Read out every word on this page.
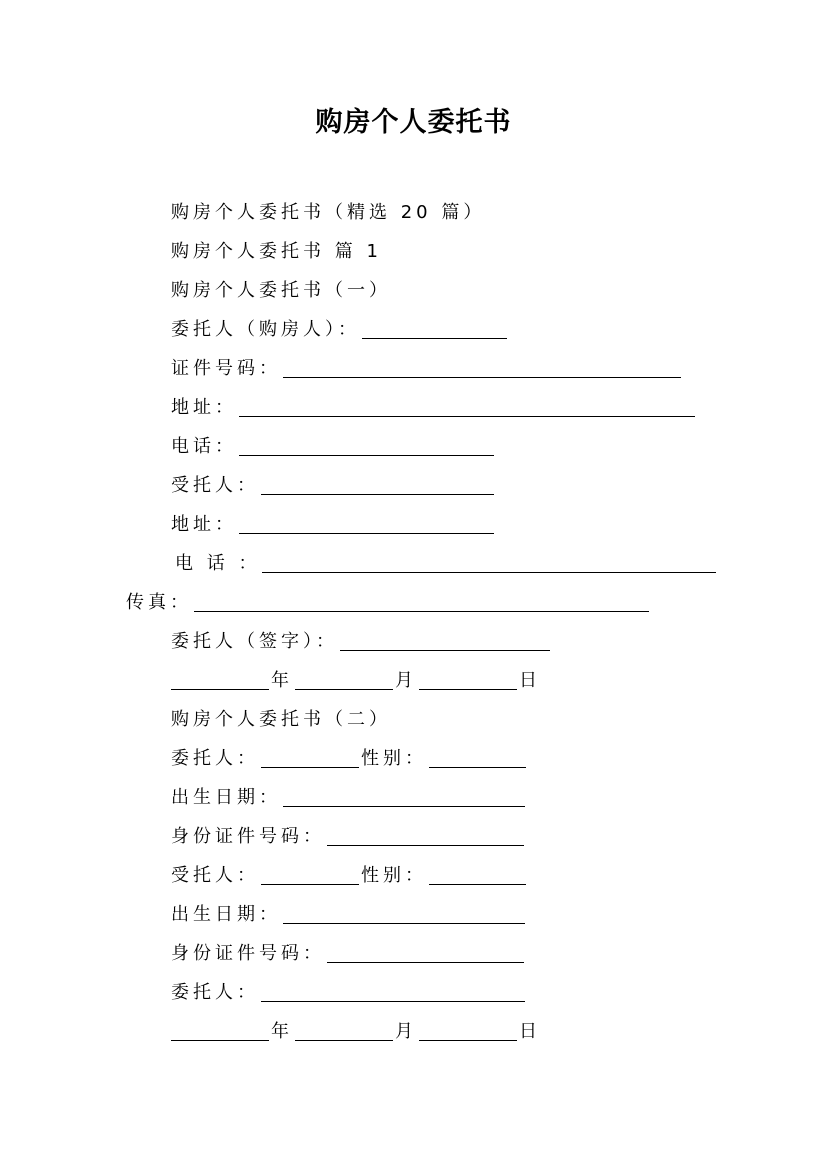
购房个人委托书
购房个人委托书（精选 20 篇）
购房个人委托书 篇 1
购房个人委托书（一）
委托人（购房人）：
证件号码：
地址：
电话：
受托人：
地址：
电 话 ：
传真：
委托人（签字）：
年	月	日
购房个人委托书（二）
委托人：	性别：
出生日期：
身份证件号码：
受托人：	性别：
出生日期：
身份证件号码：
委托人：
年	月	日
